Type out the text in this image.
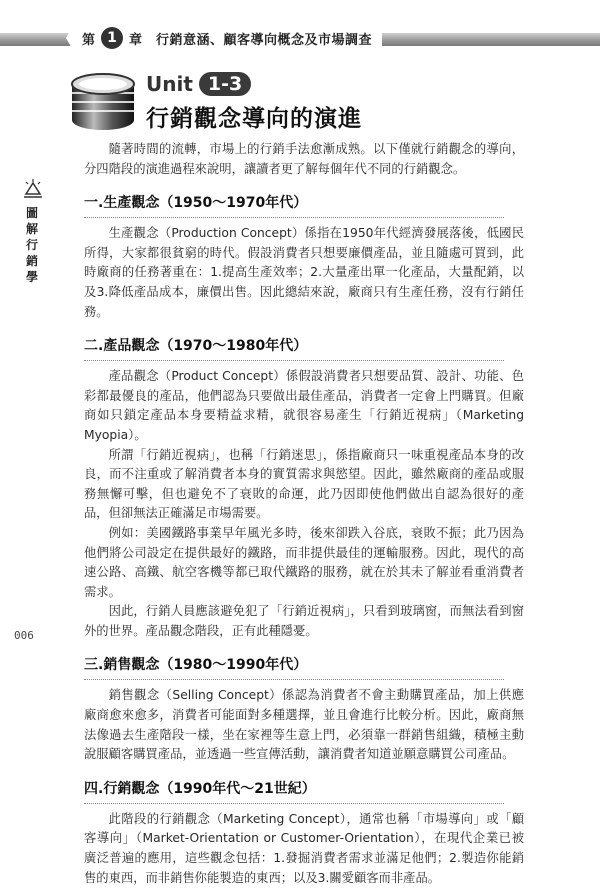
第 1 章 行銷意涵、顧客導向概念及市場調查
Unit 1-3
行銷觀念導向的演進
圖解行銷學
006

隨著時間的流轉，市場上的行銷手法愈漸成熟。以下僅就行銷觀念的導向，分四階段的演進過程來說明，讓讀者更了解每個年代不同的行銷觀念。

一.生產觀念（1950～1970年代）

生產觀念（Production Concept）係指在1950年代經濟發展落後，低國民所得，大家都很貧窮的時代。假設消費者只想要廉價產品，並且隨處可買到，此時廠商的任務著重在：1.提高生產效率；2.大量產出單一化產品，大量配銷，以及3.降低產品成本，廉價出售。因此總結來說，廠商只有生產任務，沒有行銷任務。

二.產品觀念（1970～1980年代）

產品觀念（Product Concept）係假設消費者只想要品質、設計、功能、色彩都最優良的產品，他們認為只要做出最佳產品，消費者一定會上門購買。但廠商如只鎖定產品本身要精益求精，就很容易產生「行銷近視病」（Marketing Myopia）。

所謂「行銷近視病」，也稱「行銷迷思」，係指廠商只一味重視產品本身的改良，而不注重或了解消費者本身的實質需求與慾望。因此，雖然廠商的產品或服務無懈可擊，但也避免不了衰敗的命運，此乃因即使他們做出自認為很好的產品，但卻無法正確滿足市場需要。

例如：美國鐵路事業早年風光多時，後來卻跌入谷底，衰敗不振；此乃因為他們將公司設定在提供最好的鐵路，而非提供最佳的運輸服務。因此，現代的高速公路、高鐵、航空客機等都已取代鐵路的服務，就在於其未了解並看重消費者需求。

因此，行銷人員應該避免犯了「行銷近視病」，只看到玻璃窗，而無法看到窗外的世界。產品觀念階段，正有此種隱憂。

三.銷售觀念（1980～1990年代）

銷售觀念（Selling Concept）係認為消費者不會主動購買產品，加上供應廠商愈來愈多，消費者可能面對多種選擇，並且會進行比較分析。因此，廠商無法像過去生產階段一樣，坐在家裡等生意上門，必須靠一群銷售組織，積極主動說服顧客購買產品，並透過一些宣傳活動，讓消費者知道並願意購買公司產品。

四.行銷觀念（1990年代～21世紀）

此階段的行銷觀念（Marketing Concept），通常也稱「市場導向」或「顧客導向」（Market-Orientation or Customer-Orientation），在現代企業已被廣泛普遍的應用，這些觀念包括：1.發掘消費者需求並滿足他們；2.製造你能銷售的東西，而非銷售你能製造的東西；以及3.關愛顧客而非產品。
